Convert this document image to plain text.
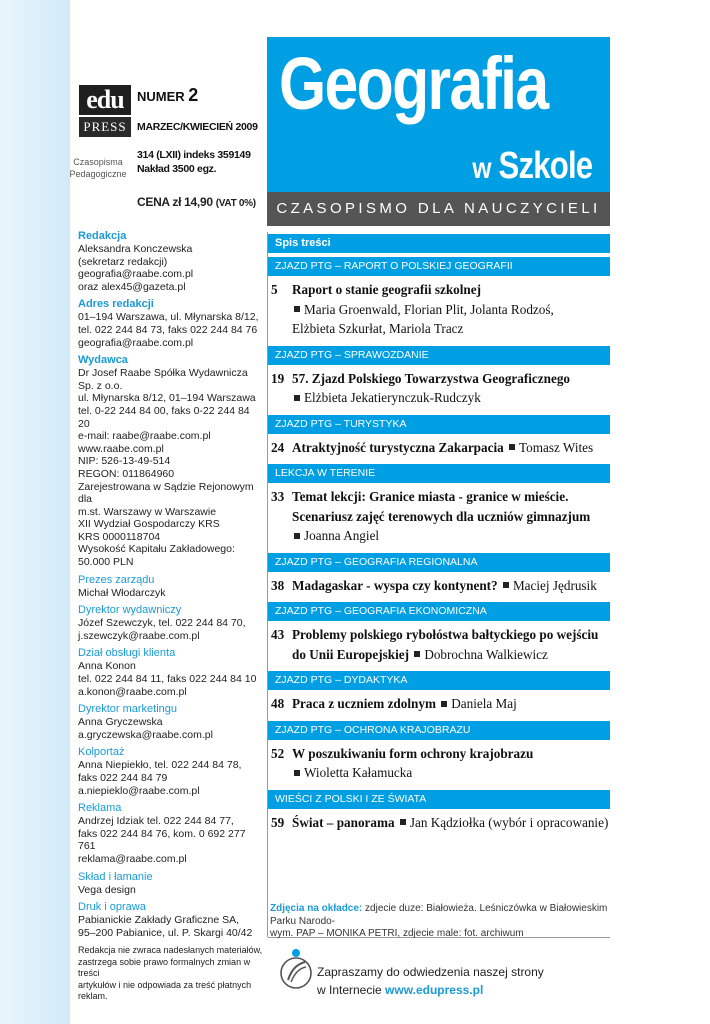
edu
PRESS
Czasopisma Pedagogiczne
NUMER 2
MARZEC/KWIECIEŃ 2009
314 (LXII) indeks 359149
Nakład 3500 egz.
CENA zł 14,90 (VAT 0%)
Geografia
w Szkole
CZASOPISMO DLA NAUCZYCIELI
Redakcja
Aleksandra Konczewska
(sekretarz redakcji)
geografia@raabe.com.pl
oraz alex45@gazeta.pl
Adres redakcji
01–194 Warszawa, ul. Młynarska 8/12,
tel. 022 244 84 73, faks 022 244 84 76
geografia@raabe.com.pl
Wydawca
Dr Josef Raabe Spółka Wydawnicza Sp. z o.o.
ul. Młynarska 8/12, 01–194 Warszawa
tel. 0-22 244 84 00, faks 0-22 244 84 20
e-mail: raabe@raabe.com.pl
www.raabe.com.pl
NIP: 526-13-49-514
REGON: 011864960
Zarejestrowana w Sądzie Rejonowym dla
m.st. Warszawy w Warszawie
XII Wydział Gospodarczy KRS
KRS 0000118704
Wysokość Kapitału Zakładowego:
50.000 PLN
Prezes zarządu
Michał Włodarczyk
Dyrektor wydawniczy
Józef Szewczyk, tel. 022 244 84 70,
j.szewczyk@raabe.com.pl
Dział obsługi klienta
Anna Konon
tel. 022 244 84 11, faks 022 244 84 10
a.konon@raabe.com.pl
Dyrektor marketingu
Anna Gryczewska
a.gryczewska@raabe.com.pl
Kolportaż
Anna Niepiekło, tel. 022 244 84 78,
faks 022 244 84 79
a.niepieklo@raabe.com.pl
Reklama
Andrzej Idziak tel. 022 244 84 77,
faks 022 244 84 76, kom. 0 692 277 761
reklama@raabe.com.pl
Skład i łamanie
Vega design
Druk i oprawa
Pabianickie Zakłady Graficzne SA,
95–200 Pabianice, ul. P. Skargi 40/42
Redakcja nie zwraca nadesłanych materiałów,
zastrzega sobie prawo formalnych zmian w treści
artykułów i nie odpowiada za treść płatnych reklam.
Spis treści
ZJAZD PTG – RAPORT O POLSKIEJ GEOGRAFII
5	Raport o stanie geografii szkolnej
Maria Groenwald, Florian Plit, Jolanta Rodzoś,
Elżbieta Szkurłat, Mariola Tracz
ZJAZD PTG – SPRAWOZDANIE
19 57. Zjazd Polskiego Towarzystwa Geograficznego
Elżbieta Jekatierynczuk-Rudczyk
ZJAZD PTG – TURYSTYKA
24 Atraktyjność turystyczna Zakarpacia Tomasz Wites
LEKCJA W TERENIE
33 Temat lekcji: Granice miasta - granice w mieście.
Scenariusz zajęć terenowych dla uczniów gimnazjum
Joanna Angiel
ZJAZD PTG – GEOGRAFIA REGIONALNA
38 Madagaskar - wyspa czy kontynent? Maciej Jędrusik
ZJAZD PTG – GEOGRAFIA EKONOMICZNA
43 Problemy polskiego rybołóstwa bałtyckiego po wejściu
do Unii Europejskiej Dobrochna Walkiewicz
ZJAZD PTG – DYDAKTYKA
48 Praca z uczniem zdolnym Daniela Maj
ZJAZD PTG – OCHRONA KRAJOBRAZU
52 W poszukiwaniu form ochrony krajobrazu
Wioletta Kałamucka
WIEŚCI Z POLSKI I ZE ŚWIATA
59 Świat – panorama Jan Kądziołka (wybór i opracowanie)
Zdjęcia na okładce: zdjecie duze: Białowieża. Leśniczówka w Białowieskim Parku Narodo-
wym. PAP – MONIKA PETRI, zdjecie male: fot. archiwum
Zapraszamy do odwiedzenia naszej strony
w Internecie www.edupress.pl
